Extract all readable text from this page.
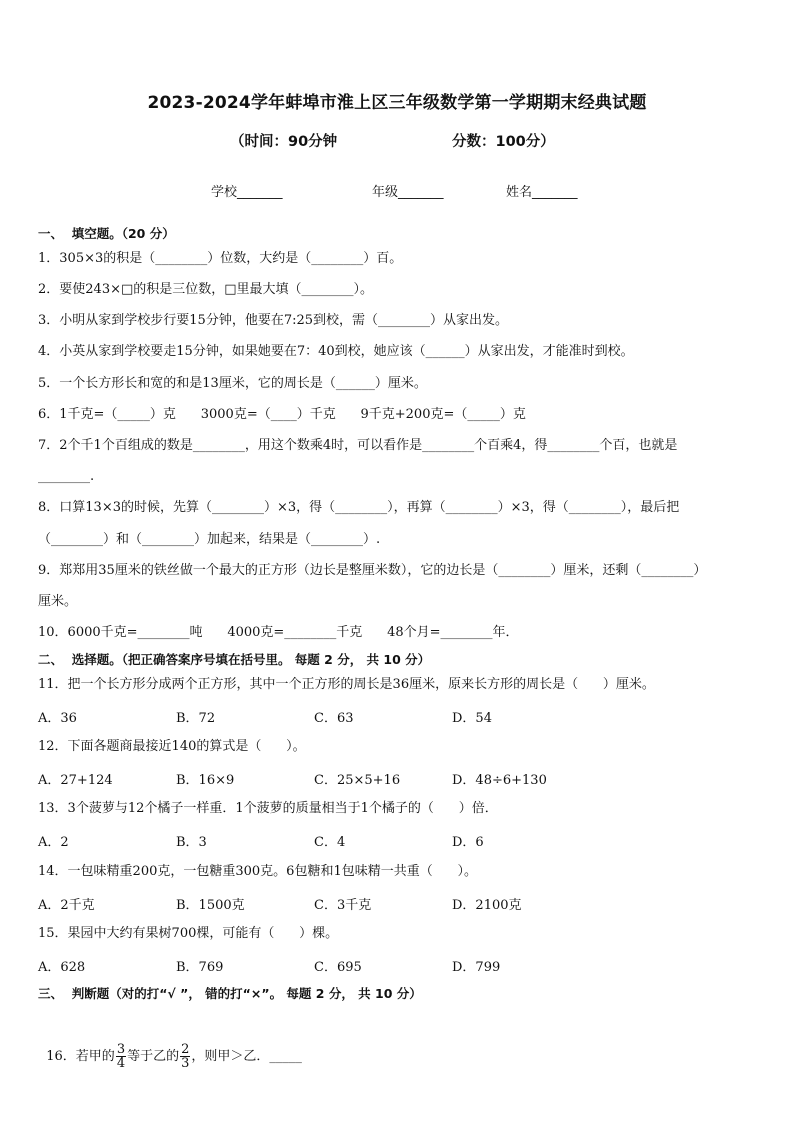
2023-2024学年蚌埠市淮上区三年级数学第一学期期末经典试题
（时间：90分钟	分数：100分）
学校_______	年级_______	姓名_______
一、  填空题。（20 分）
1．305×3的积是（________）位数，大约是（________）百。
2．要使243×□的积是三位数，□里最大填（________）。
3．小明从家到学校步行要15分钟，他要在7:25到校，需（________）从家出发。
4．小英从家到学校要走15分钟，如果她要在7：40到校，她应该（______）从家出发，才能准时到校。
5．一个长方形长和宽的和是13厘米，它的周长是（______）厘米。
6．1千克=（_____）克      3000克=（____）千克      9千克+200克=（_____）克
7．2个千1个百组成的数是________，用这个数乘4时，可以看作是________个百乘4，得________个百，也就是
________.
8．口算13×3的时候，先算（________）×3，得（________），再算（________）×3，得（________），最后把
（________）和（________）加起来，结果是（________）.
9．郑郑用35厘米的铁丝做一个最大的正方形（边长是整厘米数），它的边长是（________）厘米，还剩（________）
厘米。
10．6000千克=________吨      4000克=________千克      48个月=________年．
二、  选择题。（把正确答案序号填在括号里。 每题 2 分， 共 10 分）
11．把一个长方形分成两个正方形，其中一个正方形的周长是36厘米，原来长方形的周长是（      ）厘米。
A．36	B．72	C．63	D．54
12．下面各题商最接近140的算式是（      ）。
A．27+124	B．16×9	C．25×5+16	D．48÷6+130
13．3个菠萝与12个橘子一样重．1个菠萝的质量相当于1个橘子的（      ）倍．
A．2	B．3	C．4	D．6
14．一包味精重200克，一包糖重300克。6包糖和1包味精一共重（      ）。
A．2千克	B．1500克	C．3千克	D．2100克
15．果园中大约有果树700棵，可能有（      ）棵。
A．628	B．769	C．695	D．799
三、  判断题（对的打“√ ”， 错的打“×”。 每题 2 分， 共 10 分）

16．若甲的 $\frac{3}{4}$ 等于乙的 $\frac{2}{3}$ ，则甲＞乙．_____
